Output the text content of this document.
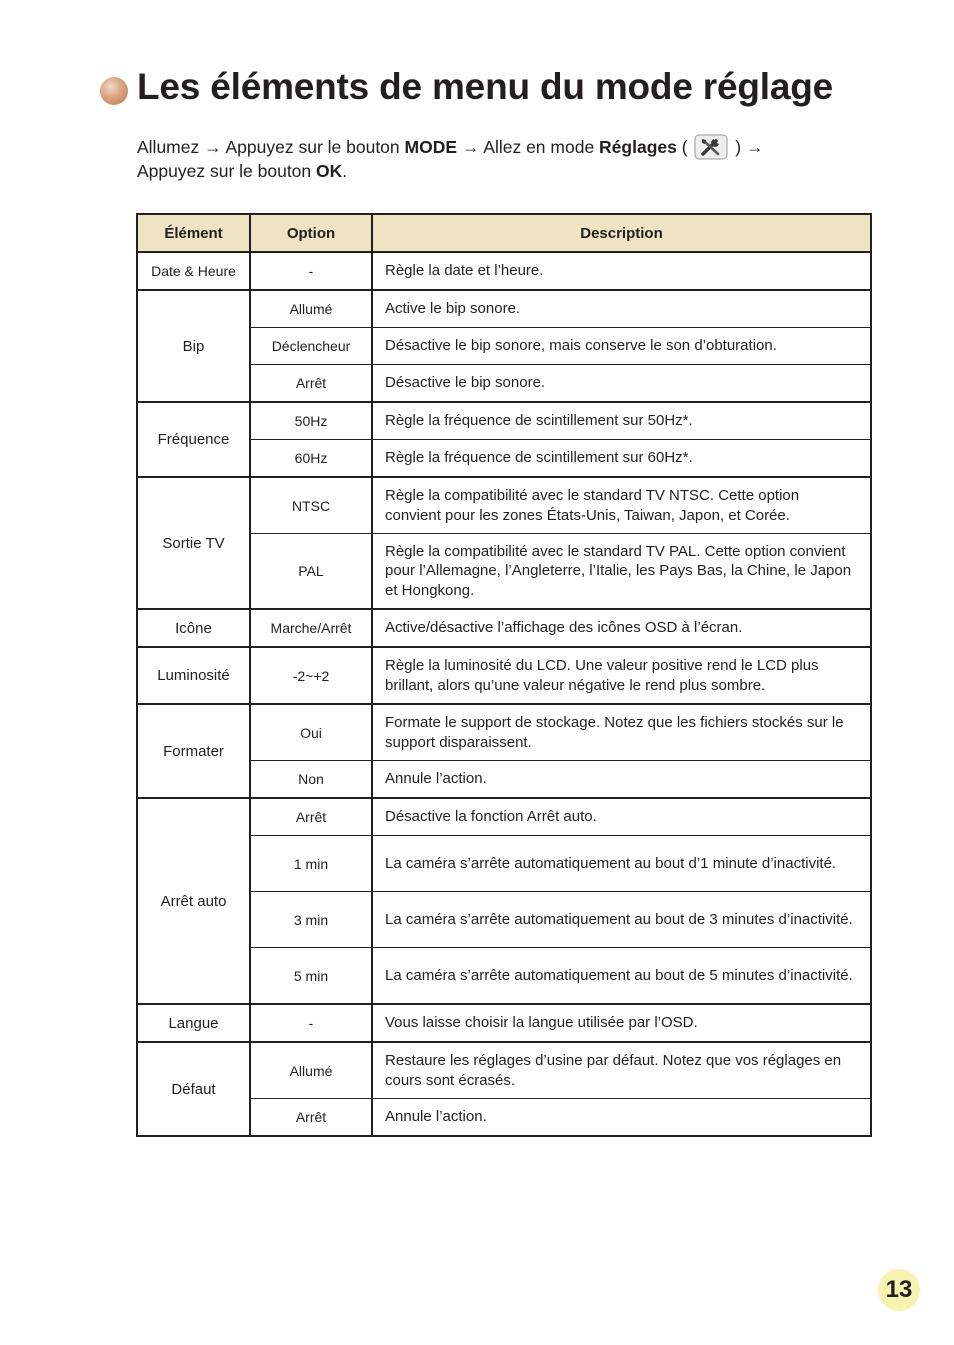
Les éléments de menu du mode réglage
Allumez → Appuyez sur le bouton MODE → Allez en mode Réglages (  ) →
Appuyez sur le bouton OK.
Élément	Option	Description
Date & Heure	-	Règle la date et l’heure.
Bip	Allumé	Active le bip sonore.
	Déclencheur	Désactive le bip sonore, mais conserve le son d’obturation.
	Arrêt	Désactive le bip sonore.
Fréquence	50Hz	Règle la fréquence de scintillement sur 50Hz*.
	60Hz	Règle la fréquence de scintillement sur 60Hz*.
Sortie TV	NTSC	Règle la compatibilité avec le standard TV NTSC. Cette option convient pour les zones États-Unis, Taiwan, Japon, et Corée.
	PAL	Règle la compatibilité avec le standard TV PAL. Cette option convient pour l’Allemagne, l’Angleterre, l’Italie, les Pays Bas, la Chine, le Japon et Hongkong.
Icône	Marche/Arrêt	Active/désactive l’affichage des icônes OSD à l’écran.
Luminosité	-2~+2	Règle la luminosité du LCD. Une valeur positive rend le LCD plus brillant, alors qu’une valeur négative le rend plus sombre.
Formater	Oui	Formate le support de stockage. Notez que les fichiers stockés sur le support disparaissent.
	Non	Annule l’action.
Arrêt auto	Arrêt	Désactive la fonction Arrêt auto.
	1 min	La caméra s’arrête automatiquement au bout d’1 minute d’inactivité.
	3 min	La caméra s’arrête automatiquement au bout de 3 minutes d’inactivité.
	5 min	La caméra s’arrête automatiquement au bout de 5 minutes d’inactivité.
Langue	-	Vous laisse choisir la langue utilisée par l’OSD.
Défaut	Allumé	Restaure les réglages d’usine par défaut. Notez que vos réglages en cours sont écrasés.
	Arrêt	Annule l’action.
13
